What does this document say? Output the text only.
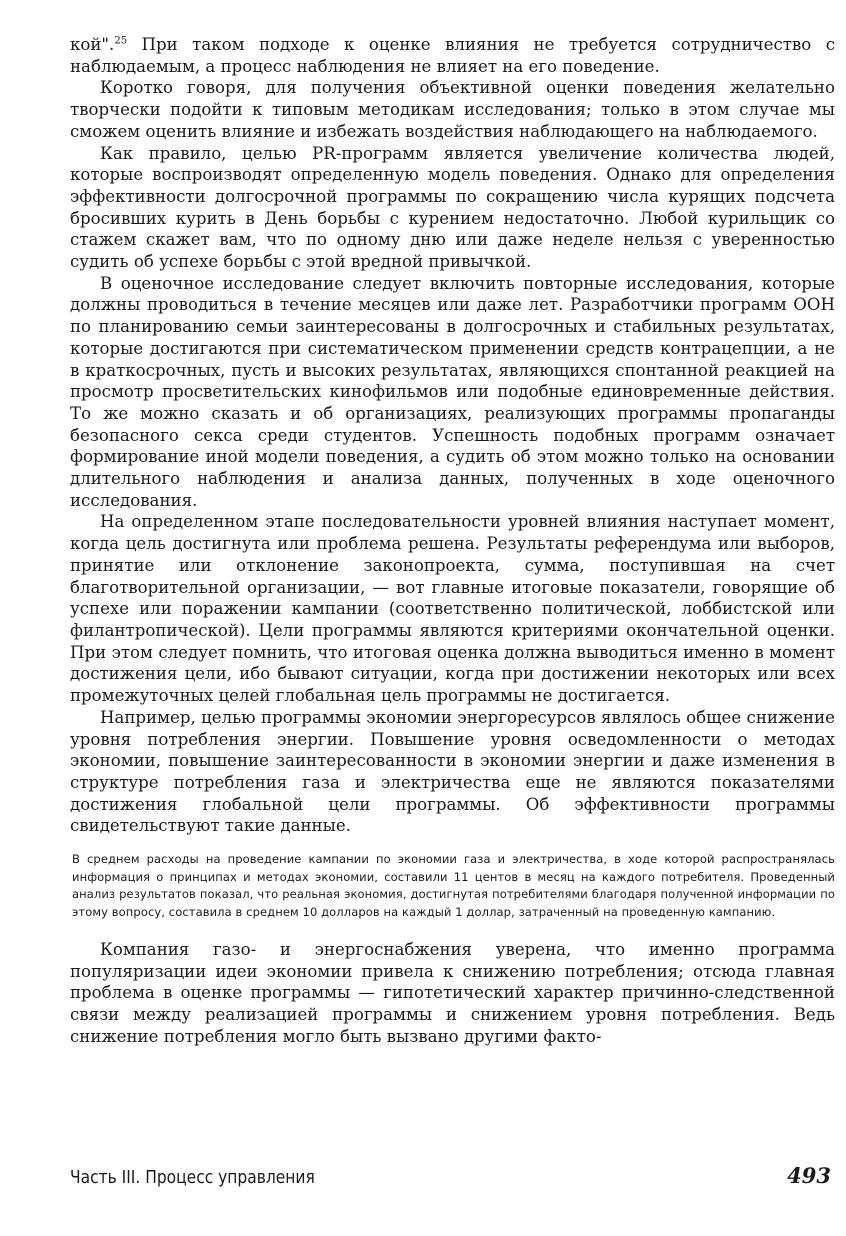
кой".$^{25}$ При таком подходе к оценке влияния не требуется сотрудничество с наблюдаемым, а процесс наблюдения не влияет на его поведение.

Коротко говоря, для получения объективной оценки поведения желательно творчески подойти к типовым методикам исследования; только в этом случае мы сможем оценить влияние и избежать воздействия наблюдающего на наблюдаемого.

Как правило, целью PR-программ является увеличение количества людей, которые воспроизводят определенную модель поведения. Однако для определения эффективности долгосрочной программы по сокращению числа курящих подсчета бросивших курить в День борьбы с курением недостаточно. Любой курильщик со стажем скажет вам, что по одному дню или даже неделе нельзя с уверенностью судить об успехе борьбы с этой вредной привычкой.

В оценочное исследование следует включить повторные исследования, которые должны проводиться в течение месяцев или даже лет. Разработчики программ ООН по планированию семьи заинтересованы в долгосрочных и стабильных результатах, которые достигаются при систематическом применении средств контрацепции, а не в краткосрочных, пусть и высоких результатах, являющихся спонтанной реакцией на просмотр просветительских кинофильмов или подобные единовременные действия. То же можно сказать и об организациях, реализующих программы пропаганды безопасного секса среди студентов. Успешность подобных программ означает формирование иной модели поведения, а судить об этом можно только на основании длительного наблюдения и анализа данных, полученных в ходе оценочного исследования.

На определенном этапе последовательности уровней влияния наступает момент, когда цель достигнута или проблема решена. Результаты референдума или выборов, принятие или отклонение законопроекта, сумма, поступившая на счет благотворительной организации, — вот главные итоговые показатели, говорящие об успехе или поражении кампании (соответственно политической, лоббистской или филантропической). Цели программы являются критериями окончательной оценки. При этом следует помнить, что итоговая оценка должна выводиться именно в момент достижения цели, ибо бывают ситуации, когда при достижении некоторых или всех промежуточных целей глобальная цель программы не достигается.

Например, целью программы экономии энергоресурсов являлось общее снижение уровня потребления энергии. Повышение уровня осведомленности о методах экономии, повышение заинтересованности в экономии энергии и даже изменения в структуре потребления газа и электричества еще не являются показателями достижения глобальной цели программы. Об эффективности программы свидетельствуют такие данные.

В среднем расходы на проведение кампании по экономии газа и электричества, в ходе которой распространялась информация о принципах и методах экономии, составили 11 центов в месяц на каждого потребителя. Проведенный анализ результатов показал, что реальная экономия, достигнутая потребителями благодаря полученной информации по этому вопросу, составила в среднем 10 долларов на каждый 1 доллар, затраченный на проведенную кампанию.

Компания газо- и энергоснабжения уверена, что именно программа популяризации идеи экономии привела к снижению потребления; отсюда главная проблема в оценке программы — гипотетический характер причинно-следственной связи между реализацией программы и снижением уровня потребления. Ведь снижение потребления могло быть вызвано другими факто-

Часть III. Процесс управления	493
